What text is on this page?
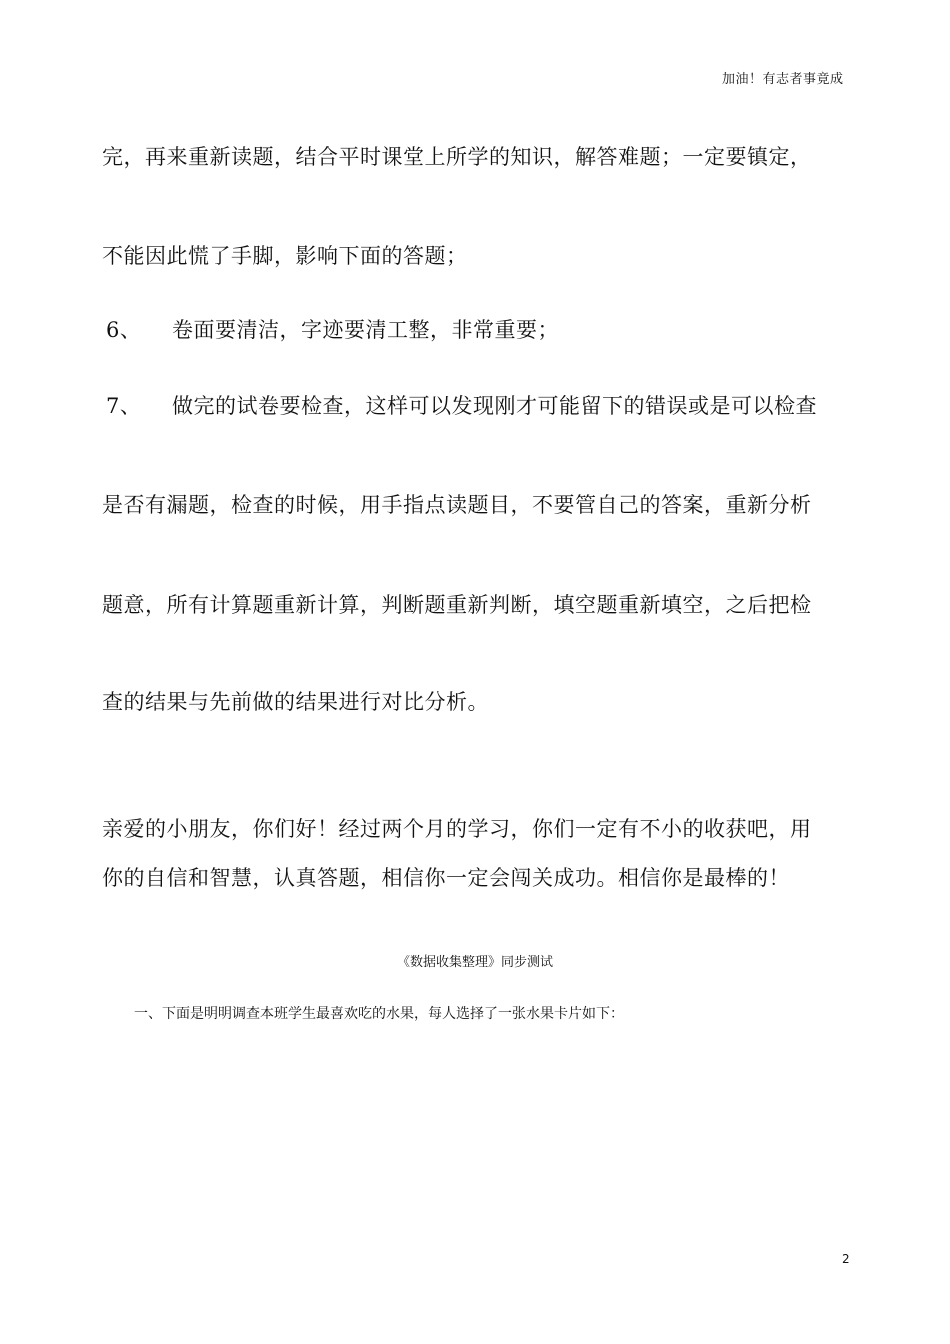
加油！有志者事竟成
完，再来重新读题，结合平时课堂上所学的知识，解答难题；一定要镇定，
不能因此慌了手脚，影响下面的答题；
6、 卷面要清洁，字迹要清工整，非常重要；
7、 做完的试卷要检查，这样可以发现刚才可能留下的错误或是可以检查
是否有漏题，检查的时候，用手指点读题目，不要管自己的答案，重新分析
题意，所有计算题重新计算，判断题重新判断，填空题重新填空，之后把检
查的结果与先前做的结果进行对比分析。
亲爱的小朋友，你们好！经过两个月的学习，你们一定有不小的收获吧，用
你的自信和智慧，认真答题，相信你一定会闯关成功。相信你是最棒的！
《数据收集整理》同步测试
一、下面是明明调查本班学生最喜欢吃的水果，每人选择了一张水果卡片如下：
2
